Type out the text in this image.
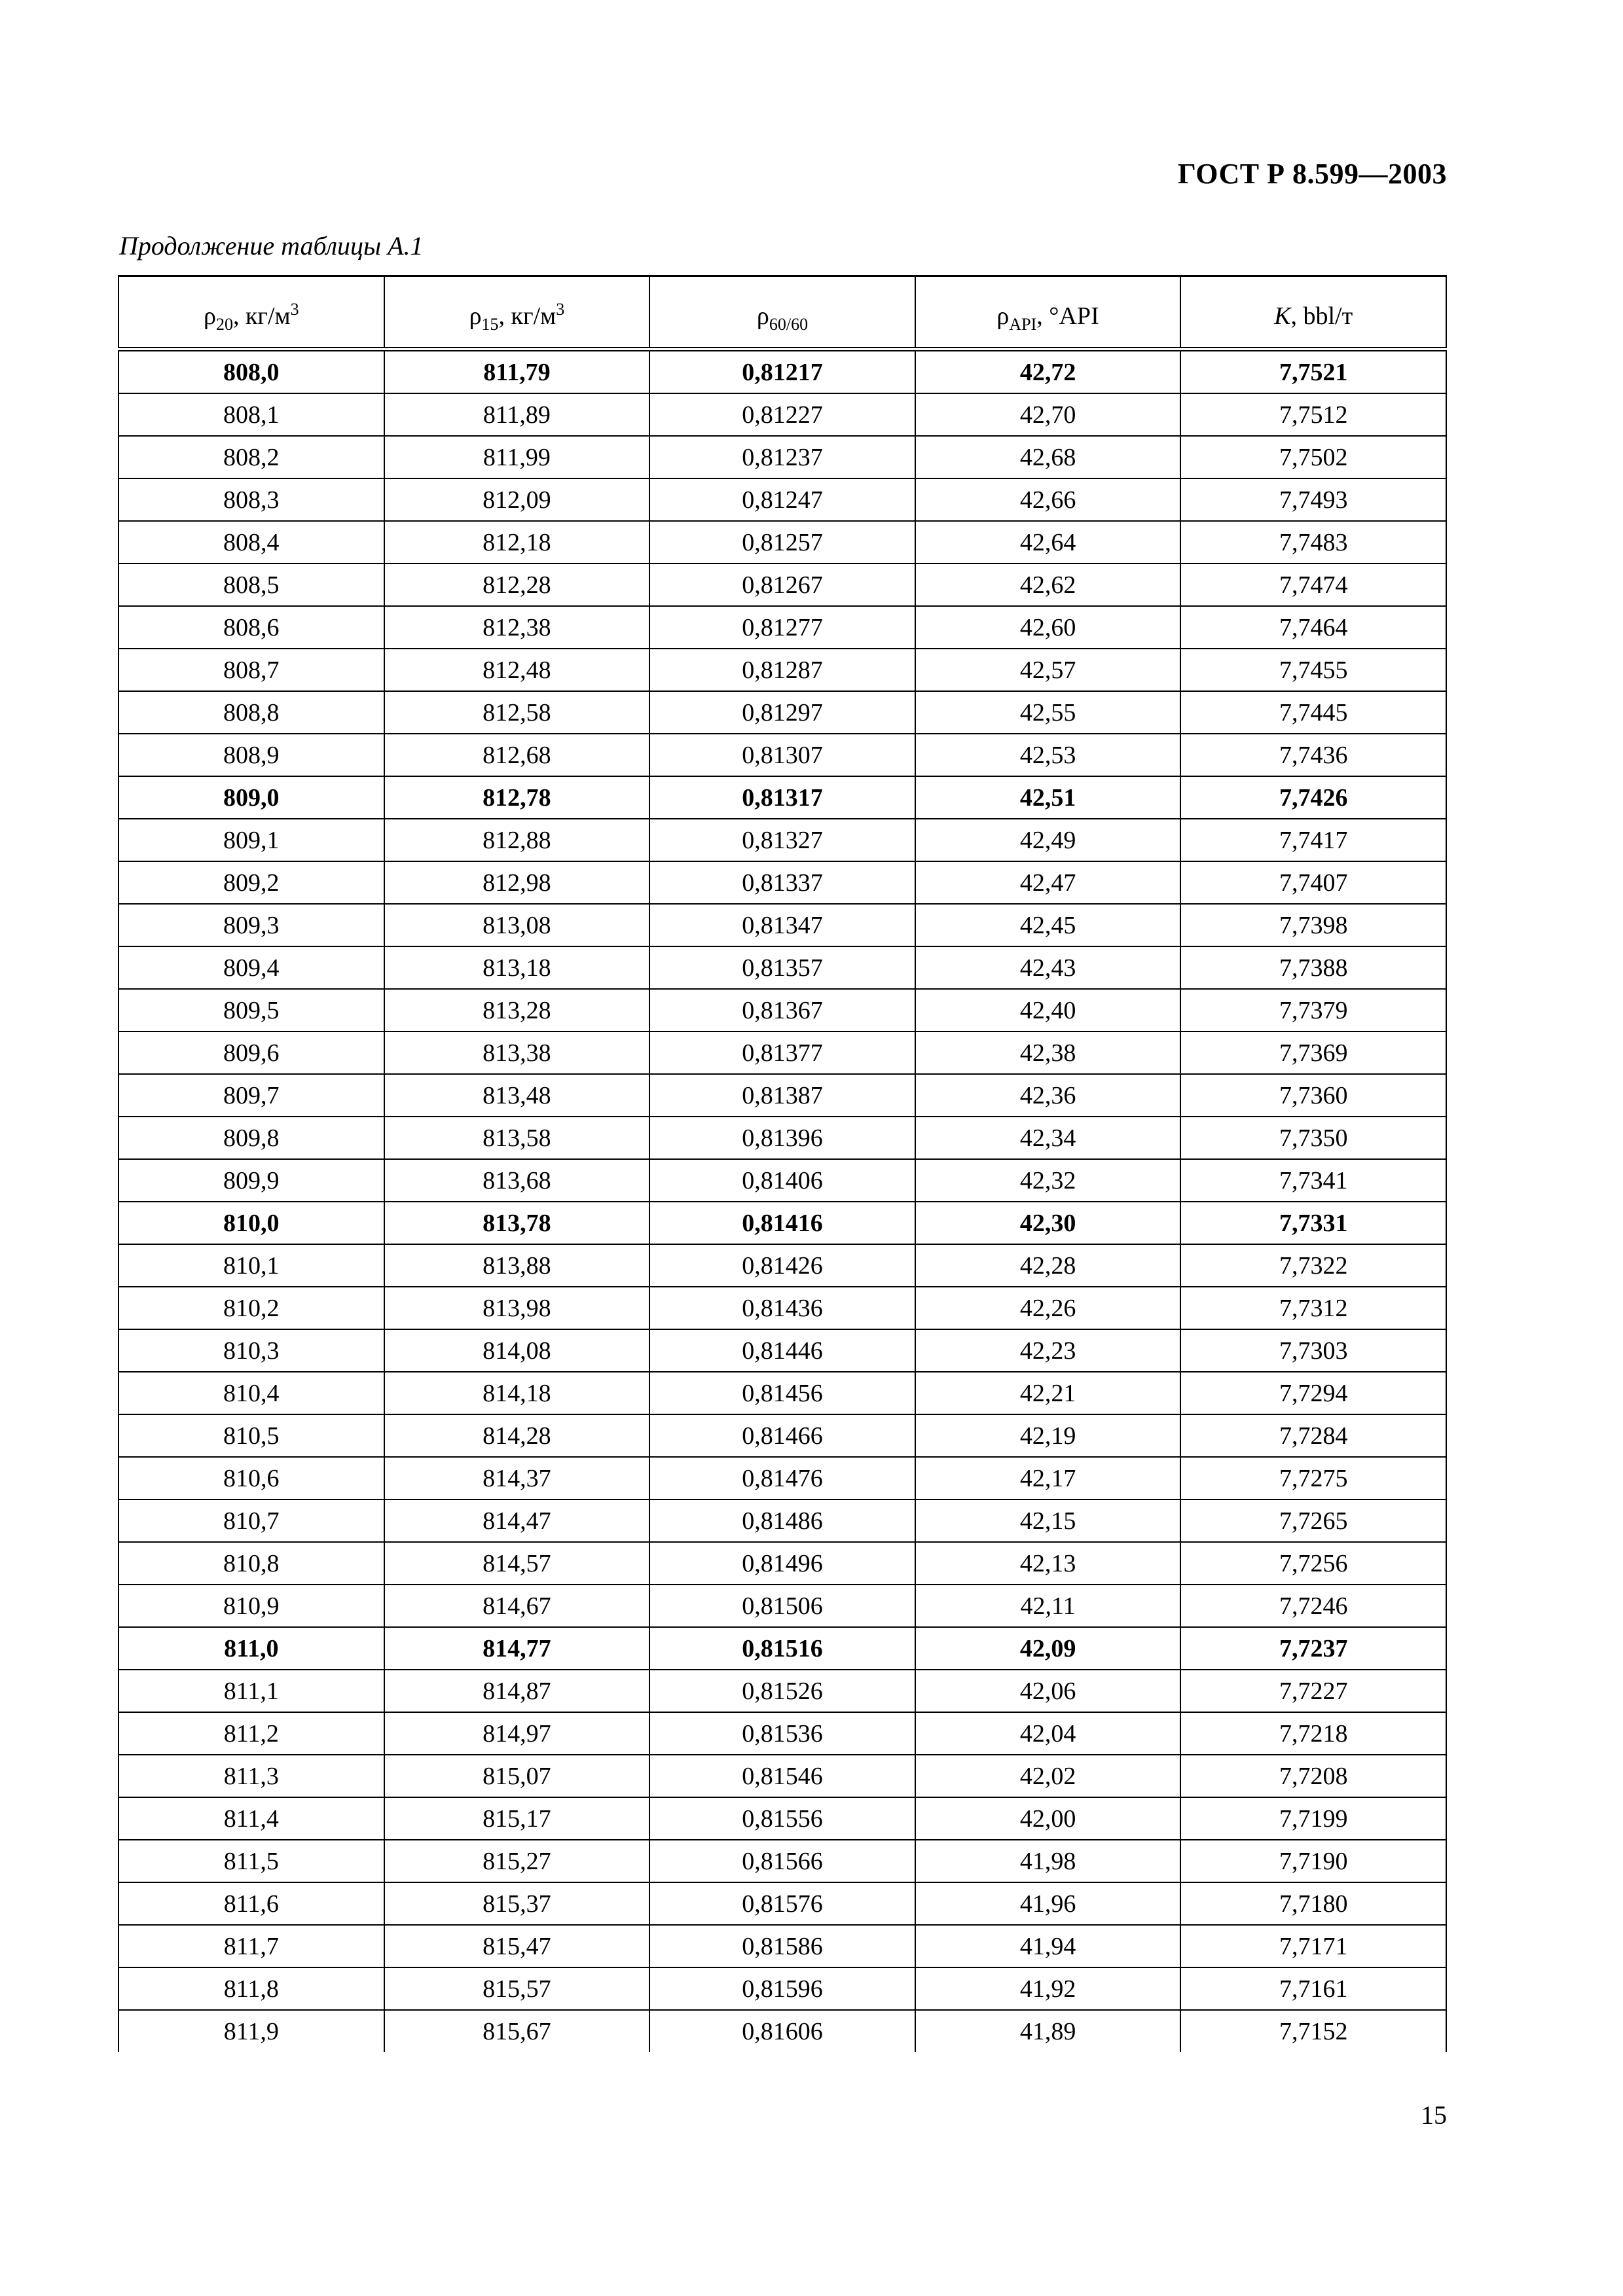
ГОСТ Р 8.599—2003
Продолжение таблицы А.1
$\rho_{20}$, $кг/м^3$	$\rho_{15}$, $кг/м^3$	$\rho_{60/60}$	$\rho_{API}$, °API	K, bbl/т
808,0	811,79	0,81217	42,72	7,7521
808,1	811,89	0,81227	42,70	7,7512
808,2	811,99	0,81237	42,68	7,7502
808,3	812,09	0,81247	42,66	7,7493
808,4	812,18	0,81257	42,64	7,7483
808,5	812,28	0,81267	42,62	7,7474
808,6	812,38	0,81277	42,60	7,7464
808,7	812,48	0,81287	42,57	7,7455
808,8	812,58	0,81297	42,55	7,7445
808,9	812,68	0,81307	42,53	7,7436
809,0	812,78	0,81317	42,51	7,7426
809,1	812,88	0,81327	42,49	7,7417
809,2	812,98	0,81337	42,47	7,7407
809,3	813,08	0,81347	42,45	7,7398
809,4	813,18	0,81357	42,43	7,7388
809,5	813,28	0,81367	42,40	7,7379
809,6	813,38	0,81377	42,38	7,7369
809,7	813,48	0,81387	42,36	7,7360
809,8	813,58	0,81396	42,34	7,7350
809,9	813,68	0,81406	42,32	7,7341
810,0	813,78	0,81416	42,30	7,7331
810,1	813,88	0,81426	42,28	7,7322
810,2	813,98	0,81436	42,26	7,7312
810,3	814,08	0,81446	42,23	7,7303
810,4	814,18	0,81456	42,21	7,7294
810,5	814,28	0,81466	42,19	7,7284
810,6	814,37	0,81476	42,17	7,7275
810,7	814,47	0,81486	42,15	7,7265
810,8	814,57	0,81496	42,13	7,7256
810,9	814,67	0,81506	42,11	7,7246
811,0	814,77	0,81516	42,09	7,7237
811,1	814,87	0,81526	42,06	7,7227
811,2	814,97	0,81536	42,04	7,7218
811,3	815,07	0,81546	42,02	7,7208
811,4	815,17	0,81556	42,00	7,7199
811,5	815,27	0,81566	41,98	7,7190
811,6	815,37	0,81576	41,96	7,7180
811,7	815,47	0,81586	41,94	7,7171
811,8	815,57	0,81596	41,92	7,7161
811,9	815,67	0,81606	41,89	7,7152
15
